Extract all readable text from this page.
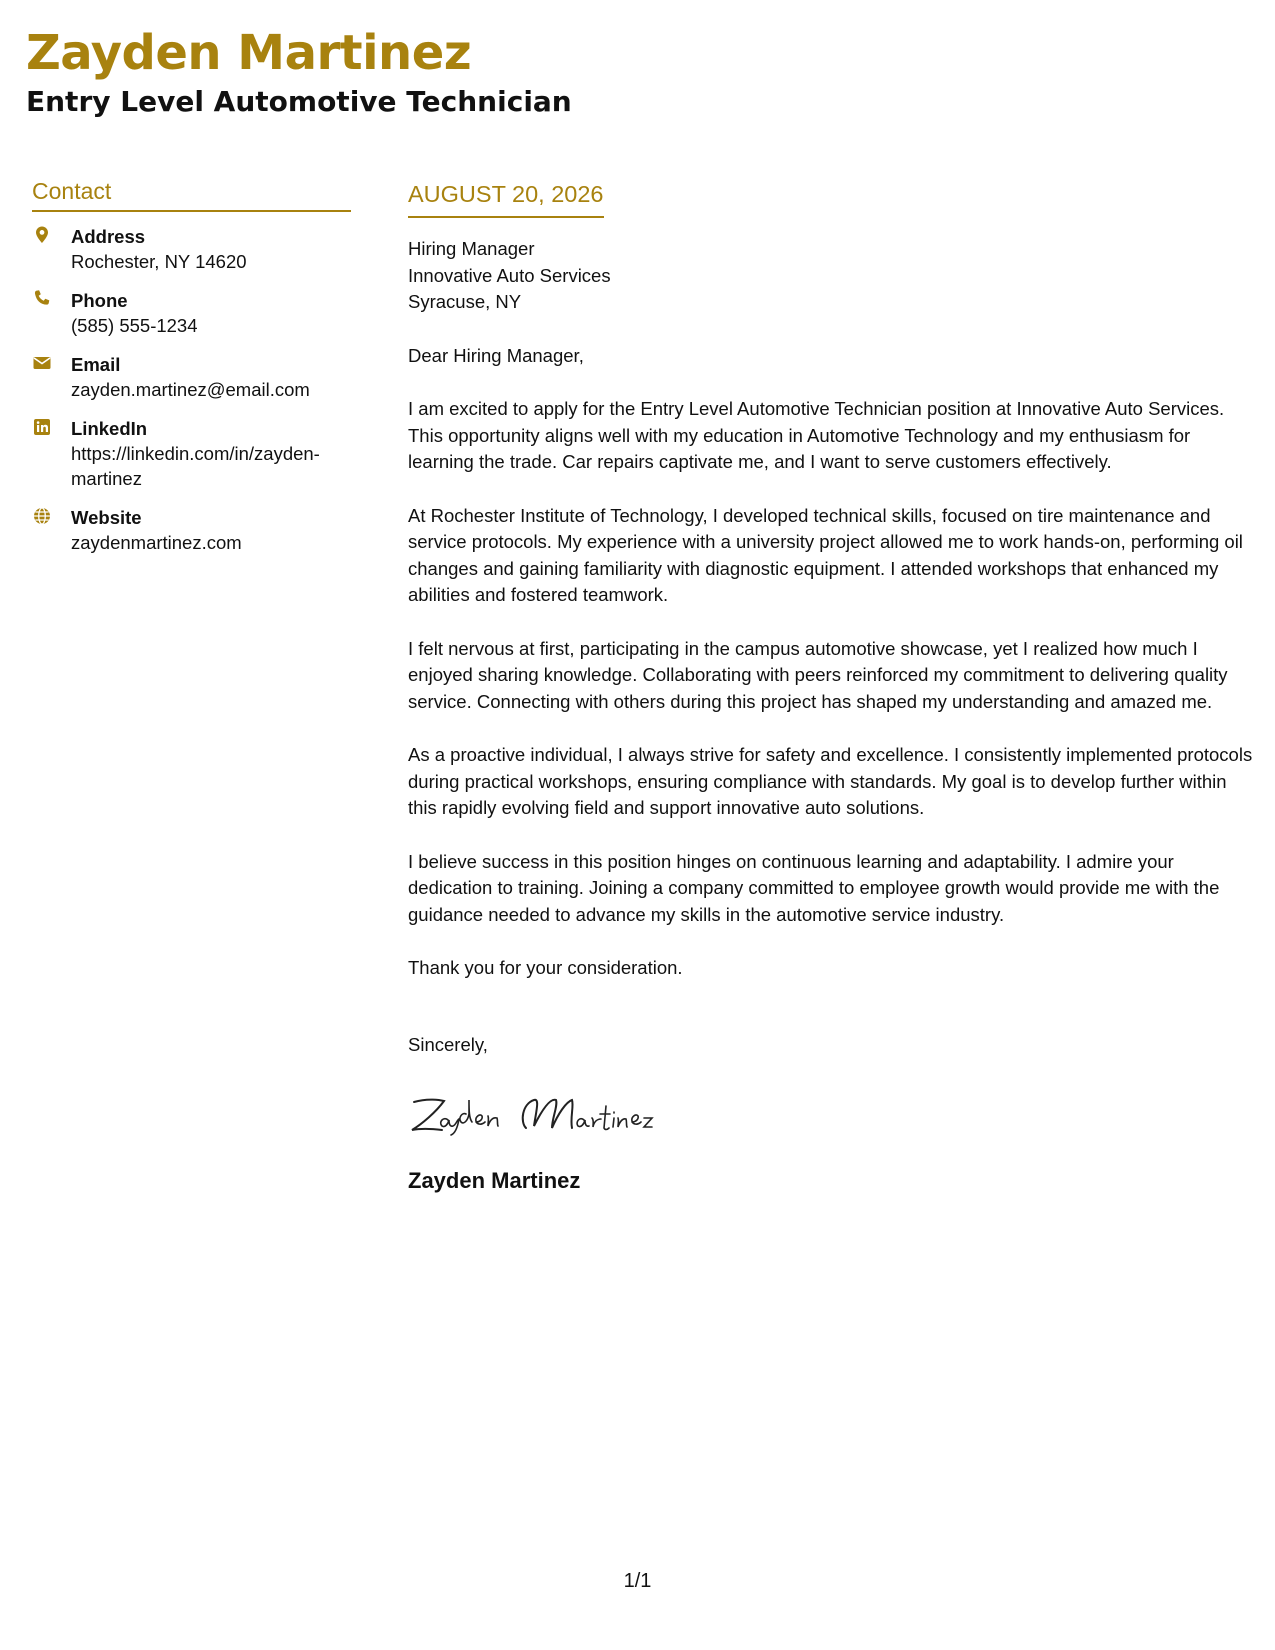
Zayden Martinez
Entry Level Automotive Technician
Contact
Address
Rochester, NY 14620
Phone
(585) 555-1234
Email
zayden.martinez@email.com
LinkedIn
https://linkedin.com/in/zayden-martinez
Website
zaydenmartinez.com
AUGUST 20, 2026

Hiring Manager

Innovative Auto Services

Syracuse, NY

Dear Hiring Manager,

I am excited to apply for the Entry Level Automotive Technician position at Innovative Auto Services. This opportunity aligns well with my education in Automotive Technology and my enthusiasm for learning the trade. Car repairs captivate me, and I want to serve customers effectively.

At Rochester Institute of Technology, I developed technical skills, focused on tire maintenance and service protocols. My experience with a university project allowed me to work hands-on, performing oil changes and gaining familiarity with diagnostic equipment. I attended workshops that enhanced my abilities and fostered teamwork.

I felt nervous at first, participating in the campus automotive showcase, yet I realized how much I enjoyed sharing knowledge. Collaborating with peers reinforced my commitment to delivering quality service. Connecting with others during this project has shaped my understanding and amazed me.

As a proactive individual, I always strive for safety and excellence. I consistently implemented protocols during practical workshops, ensuring compliance with standards. My goal is to develop further within this rapidly evolving field and support innovative auto solutions.

I believe success in this position hinges on continuous learning and adaptability. I admire your dedication to training. Joining a company committed to employee growth would provide me with the guidance needed to advance my skills in the automotive service industry.

Thank you for your consideration.

Sincerely,
Zayden Martinez
1/1
